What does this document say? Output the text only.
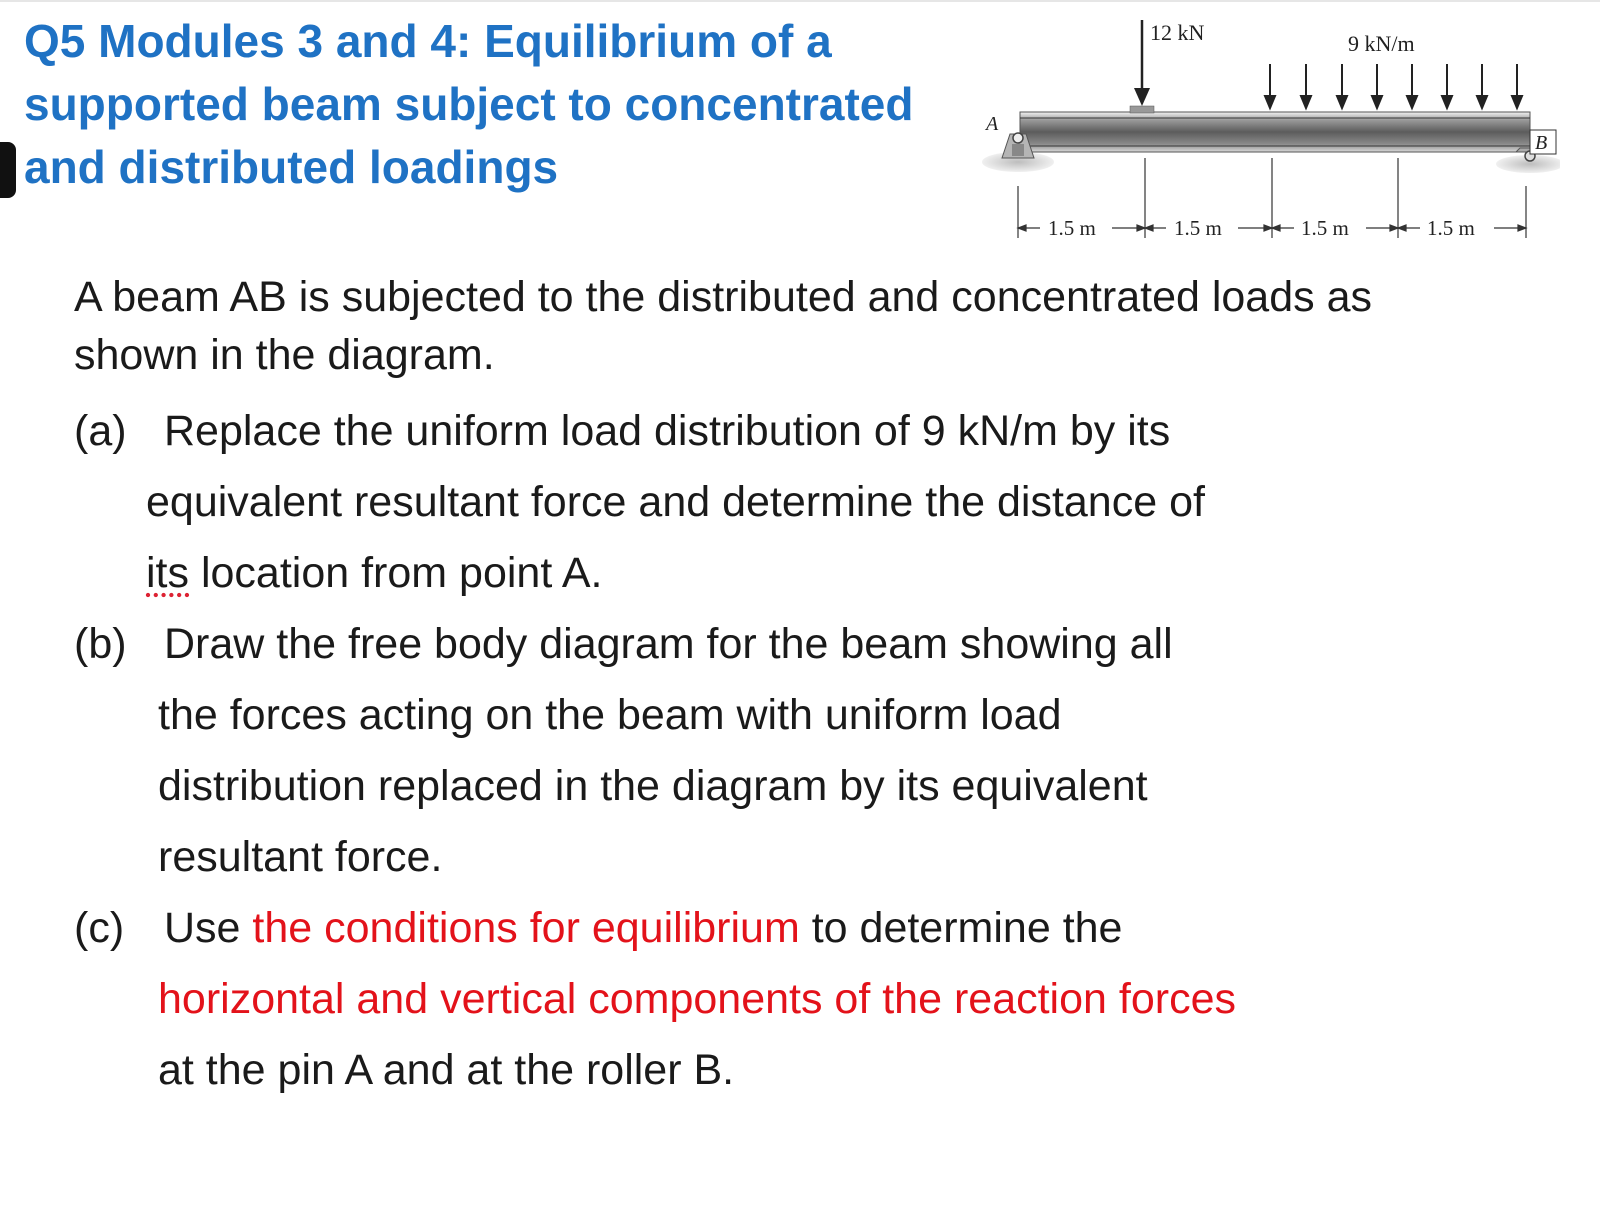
Q5 Modules 3 and 4: Equilibrium of a
supported beam subject to concentrated
and distributed loadings
A
B
12 kN	9 kN/m
1.5 m	1.5 m	1.5 m	1.5 m

A beam AB is subjected to the distributed and concentrated loads as
shown in the diagram.

(a) Replace the uniform load distribution of 9 kN/m by its
equivalent resultant force and determine the distance of
its location from point A.
(b) Draw the free body diagram for the beam showing all
the forces acting on the beam with uniform load
distribution replaced in the diagram by its equivalent
resultant force.
(c) Use the conditions for equilibrium to determine the
horizontal and vertical components of the reaction forces
at the pin A and at the roller B.
